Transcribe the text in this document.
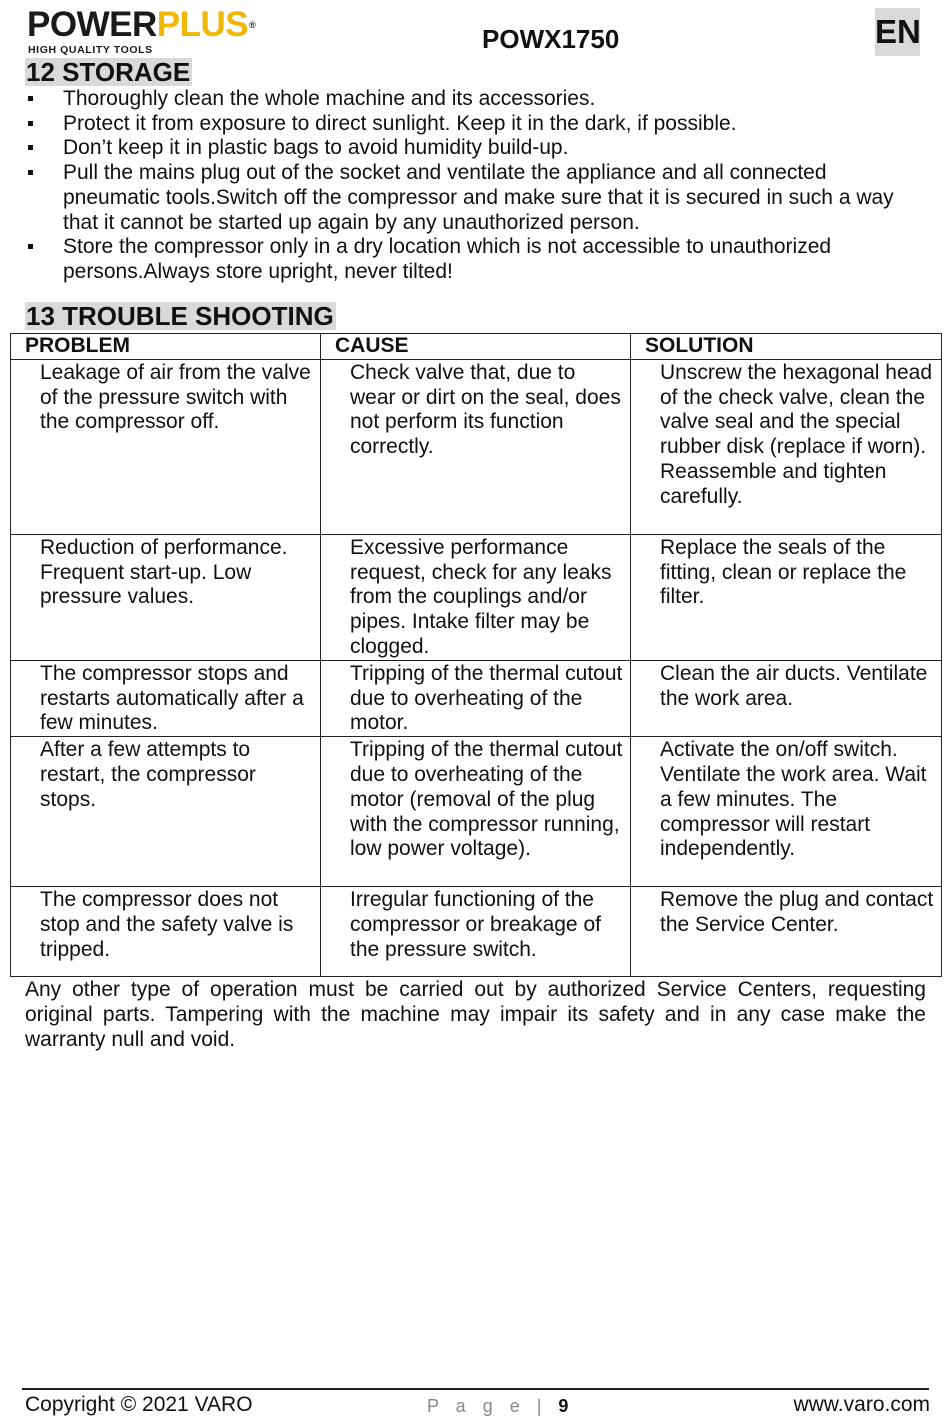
POWERPLUS®
HIGH QUALITY TOOLS	POWX1750	EN
12 STORAGE
Thoroughly clean the whole machine and its accessories.
Protect it from exposure to direct sunlight. Keep it in the dark, if possible.
Don’t keep it in plastic bags to avoid humidity build-up.
Pull the mains plug out of the socket and ventilate the appliance and all connected pneumatic tools.Switch off the compressor and make sure that it is secured in such a way that it cannot be started up again by any unauthorized person.
Store the compressor only in a dry location which is not accessible to unauthorized persons.Always store upright, never tilted!
13 TROUBLE SHOOTING
PROBLEM	CAUSE	SOLUTION
Leakage of air from the valve of the pressure switch with the compressor off.	Check valve that, due to wear or dirt on the seal, does not perform its function correctly.	Unscrew the hexagonal head of the check valve, clean the valve seal and the special rubber disk (replace if worn). Reassemble and tighten carefully.
Reduction of performance. Frequent start-up. Low pressure values.	Excessive performance request, check for any leaks from the couplings and/or pipes. Intake filter may be clogged.	Replace the seals of the fitting, clean or replace the filter.
The compressor stops and restarts automatically after a few minutes.	Tripping of the thermal cutout due to overheating of the motor.	Clean the air ducts. Ventilate the work area.
After a few attempts to restart, the compressor stops.	Tripping of the thermal cutout due to overheating of the motor (removal of the plug with the compressor running, low power voltage).	Activate the on/off switch. Ventilate the work area. Wait a few minutes. The compressor will restart independently.
The compressor does not stop and the safety valve is tripped.	Irregular functioning of the compressor or breakage of the pressure switch.	Remove the plug and contact the Service Center.
Any other type of operation must be carried out by authorized Service Centers, requesting original parts. Tampering with the machine may impair its safety and in any case make the warranty null and void.
Copyright © 2021 VARO	P a g e | 9	www.varo.com
